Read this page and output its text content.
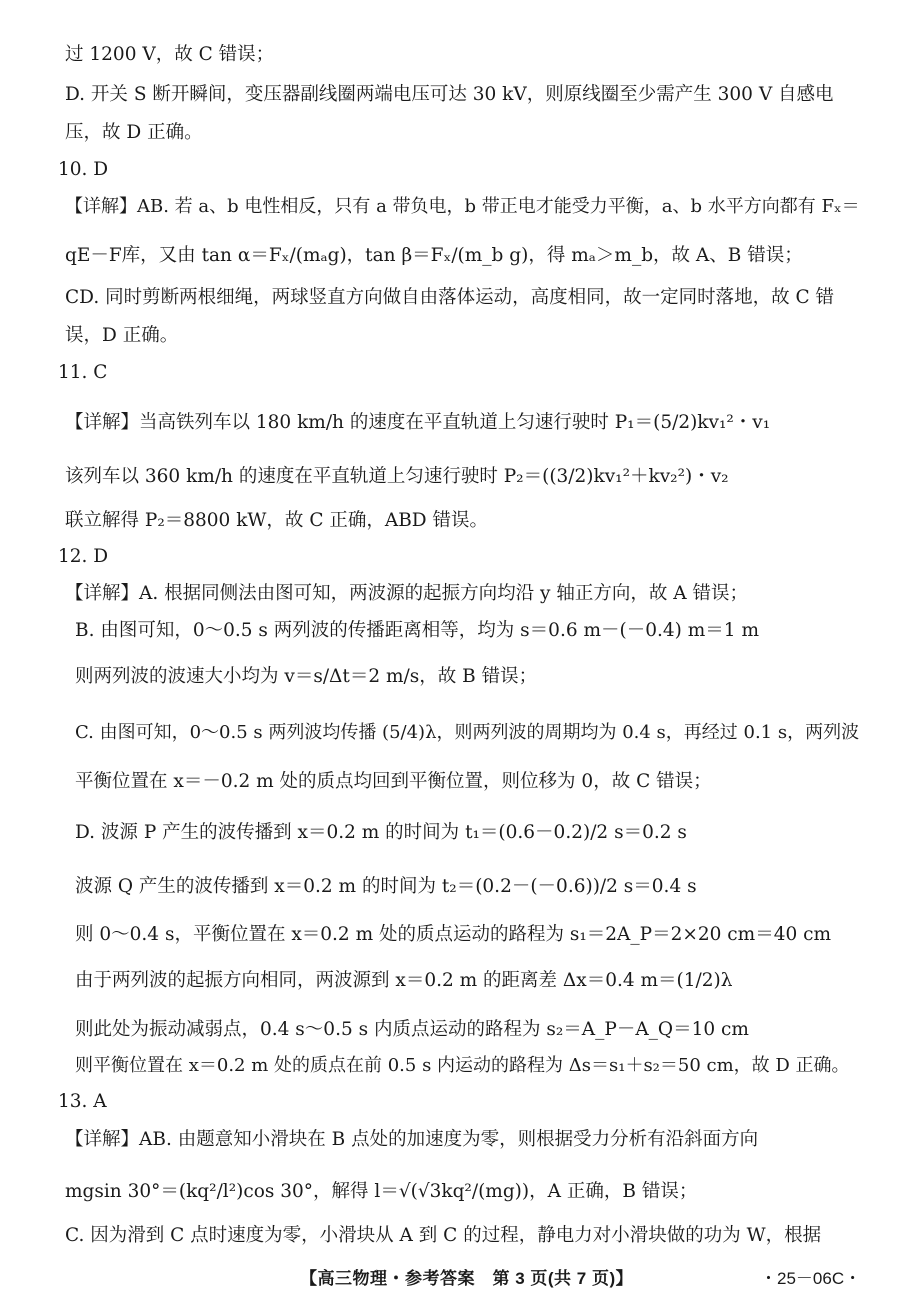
过 1200 V，故 C 错误；
D. 开关 S 断开瞬间，变压器副线圈两端电压可达 30 kV，则原线圈至少需产生 300 V 自感电
压，故 D 正确。
10. D
【详解】AB. 若 a、b 电性相反，只有 a 带负电，b 带正电才能受力平衡，a、b 水平方向都有 Fₓ＝
qE－F库，又由 tan α＝Fₓ/(mₐg)，tan β＝Fₓ/(m_b g)，得 mₐ＞m_b，故 A、B 错误；
CD. 同时剪断两根细绳，两球竖直方向做自由落体运动，高度相同，故一定同时落地，故 C 错
误，D 正确。
11. C
【详解】当高铁列车以 180 km/h 的速度在平直轨道上匀速行驶时 P₁＝(5/2)kv₁²・v₁
该列车以 360 km/h 的速度在平直轨道上匀速行驶时 P₂＝((3/2)kv₁²＋kv₂²)・v₂
联立解得 P₂＝8800 kW，故 C 正确，ABD 错误。
12. D
【详解】A. 根据同侧法由图可知，两波源的起振方向均沿 y 轴正方向，故 A 错误；
B. 由图可知，0～0.5 s 两列波的传播距离相等，均为 s＝0.6 m－(－0.4) m＝1 m
则两列波的波速大小均为 v＝s/Δt＝2 m/s，故 B 错误；
C. 由图可知，0～0.5 s 两列波均传播 (5/4)λ，则两列波的周期均为 0.4 s，再经过 0.1 s，两列波
平衡位置在 x＝－0.2 m 处的质点均回到平衡位置，则位移为 0，故 C 错误；
D. 波源 P 产生的波传播到 x＝0.2 m 的时间为 t₁＝(0.6－0.2)/2 s＝0.2 s
波源 Q 产生的波传播到 x＝0.2 m 的时间为 t₂＝(0.2－(－0.6))/2 s＝0.4 s
则 0～0.4 s，平衡位置在 x＝0.2 m 处的质点运动的路程为 s₁＝2A_P＝2×20 cm＝40 cm
由于两列波的起振方向相同，两波源到 x＝0.2 m 的距离差 Δx＝0.4 m＝(1/2)λ
则此处为振动减弱点，0.4 s～0.5 s 内质点运动的路程为 s₂＝A_P－A_Q＝10 cm
则平衡位置在 x＝0.2 m 处的质点在前 0.5 s 内运动的路程为 Δs＝s₁＋s₂＝50 cm，故 D 正确。
13. A
【详解】AB. 由题意知小滑块在 B 点处的加速度为零，则根据受力分析有沿斜面方向
mgsin 30°＝(kq²/l²)cos 30°，解得 l＝√(√3kq²/(mg))，A 正确，B 错误；
C. 因为滑到 C 点时速度为零，小滑块从 A 到 C 的过程，静电力对小滑块做的功为 W，根据
【高三物理・参考答案　第 3 页(共 7 页)】	・25－06C・
